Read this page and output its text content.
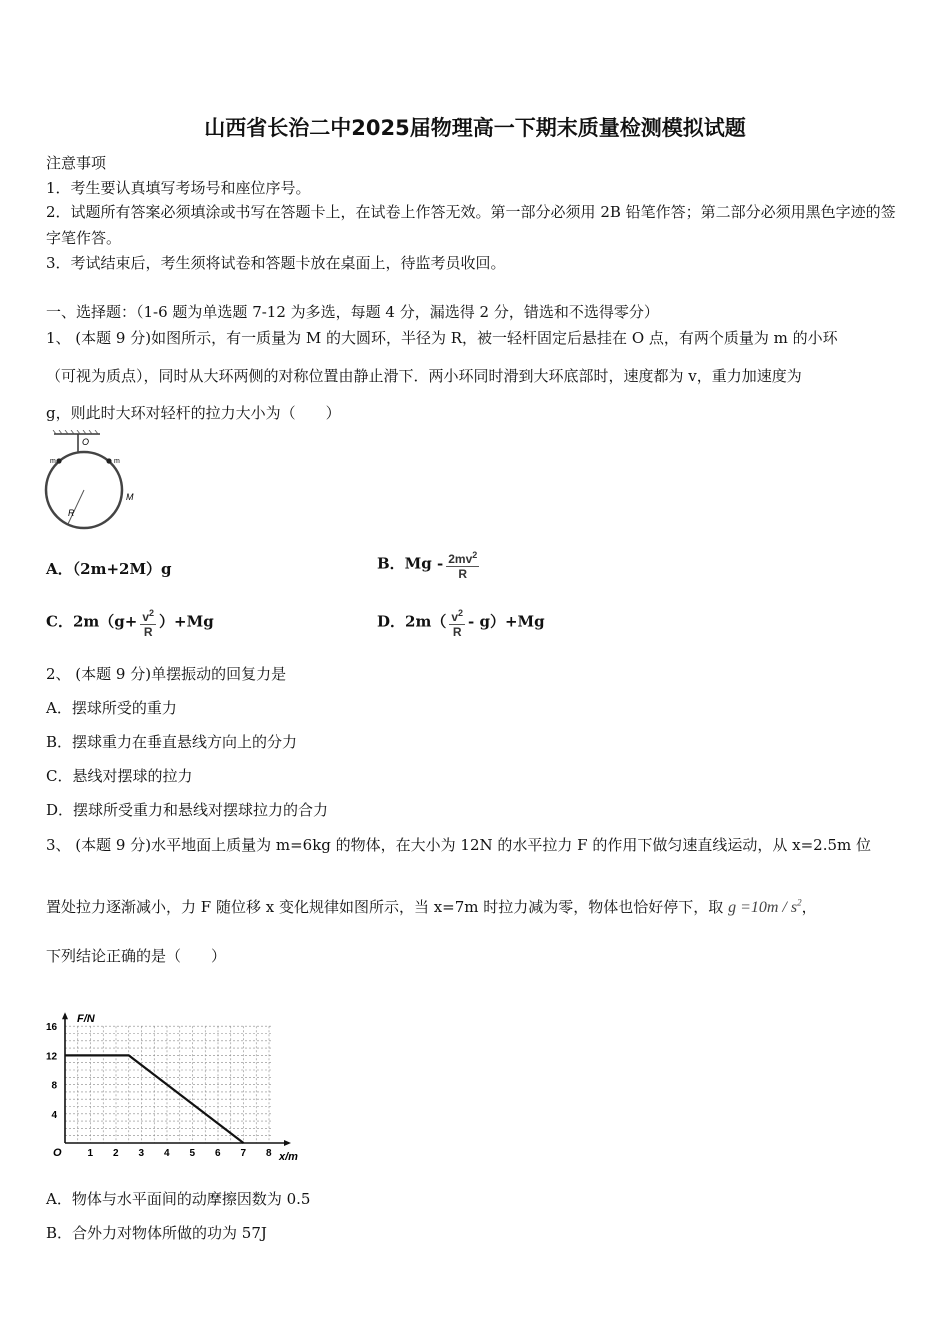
山西省长治二中2025届物理高一下期末质量检测模拟试题
注意事项
1．考生要认真填写考场号和座位序号。
2．试题所有答案必须填涂或书写在答题卡上，在试卷上作答无效。第一部分必须用 2B 铅笔作答；第二部分必须用黑色字迹的签字笔作答。
3．考试结束后，考生须将试卷和答题卡放在桌面上，待监考员收回。
一、选择题：（1-6 题为单选题 7-12 为多选，每题 4 分，漏选得 2 分，错选和不选得零分）
1、 (本题 9 分)如图所示，有一质量为 M 的大圆环，半径为 R，被一轻杆固定后悬挂在 O 点，有两个质量为 m 的小环
（可视为质点），同时从大环两侧的对称位置由静止滑下．两小环同时滑到大环底部时，速度都为 v，重力加速度为
g，则此时大环对轻杆的拉力大小为（　　）
O
R
m	m
M
A．（2m+2M）g	B．Mg - $\frac{2mv^2}{R}$
C．$2m(g+ \frac{v^2}{R} )+Mg$	D．$2m( \frac{v^2}{R} - g)+Mg$
2、 (本题 9 分)单摆振动的回复力是
A．摆球所受的重力
B．摆球重力在垂直悬线方向上的分力
C．悬线对摆球的拉力
D．摆球所受重力和悬线对摆球拉力的合力
3、 (本题 9 分)水平地面上质量为 m=6kg 的物体，在大小为 12N 的水平拉力 F 的作用下做匀速直线运动，从 x=2.5m 位
置处拉力逐渐减小，力 F 随位移 x 变化规律如图所示，当 x=7m 时拉力减为零，物体也恰好停下，取 $g =10m / s^2$，
下列结论正确的是（　　）
F/N
x/m
O	1 2 3 4 5 6 7 8
4
8
12
16
A．物体与水平面间的动摩擦因数为 0.5
B．合外力对物体所做的功为 57J
